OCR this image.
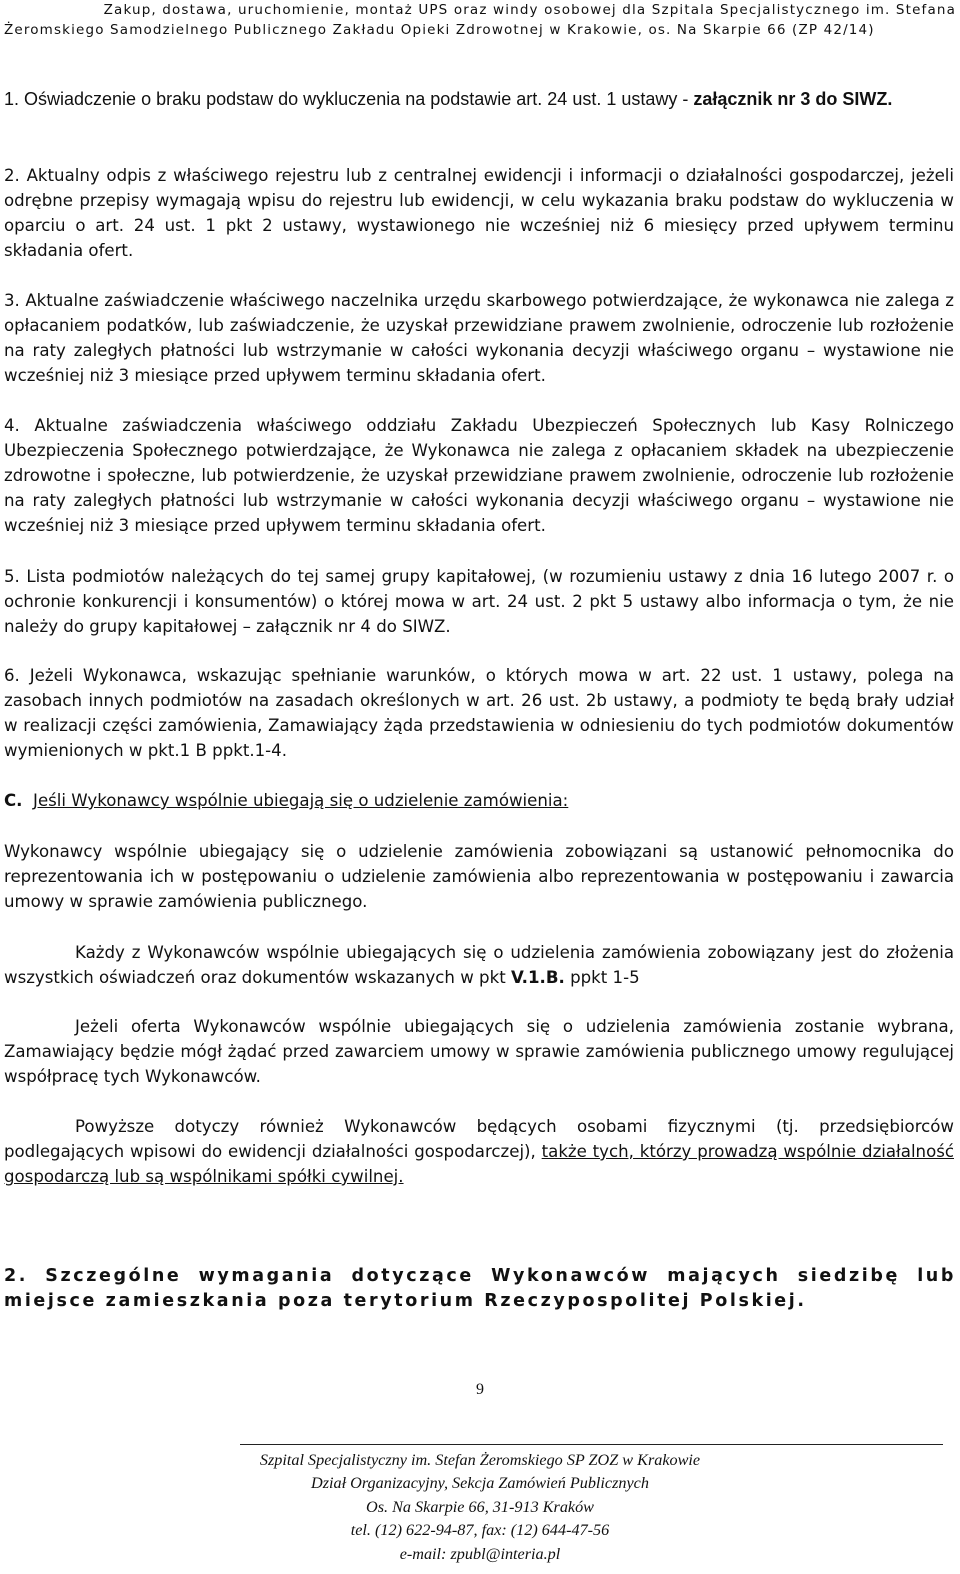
Zakup, dostawa, uruchomienie, montaż UPS oraz windy osobowej dla Szpitala Specjalistycznego im. Stefana
Żeromskiego Samodzielnego Publicznego Zakładu Opieki Zdrowotnej w Krakowie, os. Na Skarpie 66 (ZP 42/14)

1. Oświadczenie o braku podstaw do wykluczenia na podstawie art. 24 ust. 1 ustawy - załącznik nr 3 do SIWZ.

2. Aktualny odpis z właściwego rejestru lub z centralnej ewidencji i informacji o działalności gospodarczej, jeżeli odrębne przepisy wymagają wpisu do rejestru lub ewidencji, w celu wykazania braku podstaw do wykluczenia w oparciu o art. 24 ust. 1 pkt 2 ustawy, wystawionego nie wcześniej niż 6 miesięcy przed upływem terminu składania ofert.

3. Aktualne zaświadczenie właściwego naczelnika urzędu skarbowego potwierdzające, że wykonawca nie zalega z opłacaniem podatków, lub zaświadczenie, że uzyskał przewidziane prawem zwolnienie, odroczenie lub rozłożenie na raty zaległych płatności lub wstrzymanie w całości wykonania decyzji właściwego organu – wystawione nie wcześniej niż 3 miesiące przed upływem terminu składania ofert.

4. Aktualne zaświadczenia właściwego oddziału Zakładu Ubezpieczeń Społecznych lub Kasy Rolniczego Ubezpieczenia Społecznego potwierdzające, że Wykonawca nie zalega z opłacaniem składek na ubezpieczenie zdrowotne i społeczne, lub potwierdzenie, że uzyskał przewidziane prawem zwolnienie, odroczenie lub rozłożenie na raty zaległych płatności lub wstrzymanie w całości wykonania decyzji właściwego organu – wystawione nie wcześniej niż 3 miesiące przed upływem terminu składania ofert.

5. Lista podmiotów należących do tej samej grupy kapitałowej, (w rozumieniu ustawy z dnia 16 lutego 2007 r. o ochronie konkurencji i konsumentów) o której mowa w art. 24 ust. 2 pkt 5 ustawy albo informacja o tym, że nie należy do grupy kapitałowej – załącznik nr 4 do SIWZ.

6. Jeżeli Wykonawca, wskazując spełnianie warunków, o których mowa w art. 22 ust. 1 ustawy, polega na zasobach innych podmiotów na zasadach określonych w art. 26 ust. 2b ustawy, a podmioty te będą brały udział w realizacji części zamówienia, Zamawiający żąda przedstawienia w odniesieniu do tych podmiotów dokumentów wymienionych w pkt.1 B ppkt.1-4.

C. Jeśli Wykonawcy wspólnie ubiegają się o udzielenie zamówienia:

Wykonawcy wspólnie ubiegający się o udzielenie zamówienia zobowiązani są ustanowić pełnomocnika do reprezentowania ich w postępowaniu o udzielenie zamówienia albo reprezentowania w postępowaniu i zawarcia umowy w sprawie zamówienia publicznego.

Każdy z Wykonawców wspólnie ubiegających się o udzielenia zamówienia zobowiązany jest do złożenia wszystkich oświadczeń oraz dokumentów wskazanych w pkt V.1.B. ppkt 1-5

Jeżeli oferta Wykonawców wspólnie ubiegających się o udzielenia zamówienia zostanie wybrana, Zamawiający będzie mógł żądać przed zawarciem umowy w sprawie zamówienia publicznego umowy regulującej współpracę tych Wykonawców.

Powyższe dotyczy również Wykonawców będących osobami fizycznymi (tj. przedsiębiorców podlegających wpisowi do ewidencji działalności gospodarczej), także tych, którzy prowadzą wspólnie działalność gospodarczą lub są wspólnikami spółki cywilnej.

2. Szczególne wymagania dotyczące Wykonawców mających siedzibę lub miejsce zamieszkania poza terytorium Rzeczypospolitej Polskiej.

9
Szpital Specjalistyczny im. Stefan Żeromskiego SP ZOZ w Krakowie
Dział Organizacyjny, Sekcja Zamówień Publicznych
Os. Na Skarpie 66, 31-913 Kraków
tel. (12) 622-94-87, fax: (12) 644-47-56
e-mail: zpubl@interia.pl
